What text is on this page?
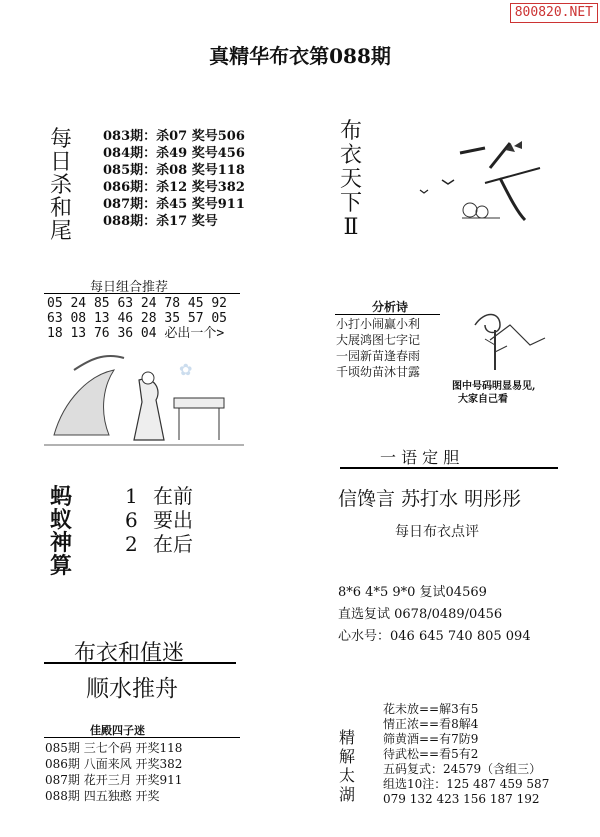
800820.NET
真精华布衣第088期
每
日
杀
和
尾
083期：杀07 奖号506
084期：杀49 奖号456
085期：杀08 奖号118
086期：杀12 奖号382
087期：杀45 奖号911
088期：杀17 奖号
每日组合推荐
05 24 85 63 24 78 45 92
63 08 13 46 28 35 57 05
18 13 76 36 04 必出一个>
✿
蚂
蚁
神
算
1 在前
6 要出
2 在后
布衣和值迷
顺水推舟
佳殿四子迷
085期 三七个码 开奖118
086期 八面来风 开奖382
087期 花开三月 开奖911
088期 四五独憨 开奖
布
衣
天
下
Ⅱ
分析诗
小打小闹赢小利
大展鸿图七字记
一园新苗逢春雨
千顷幼苗沐甘露
图中号码明显易见,
大家自己看
一 语 定 胆
信馋言 苏打水 明彤彤
每日布衣点评
8*6 4*5 9*0 复试04569
直选复试 0678/0489/0456
心水号：046 645 740 805 094
精
解
太
湖
花未放==解3有5
情正浓==看8解4
筛黄酒==有7防9
待武松==看5有2
五码复式：24579（含组三）
组选10注：125 487 459 587
079 132 423 156 187 192
